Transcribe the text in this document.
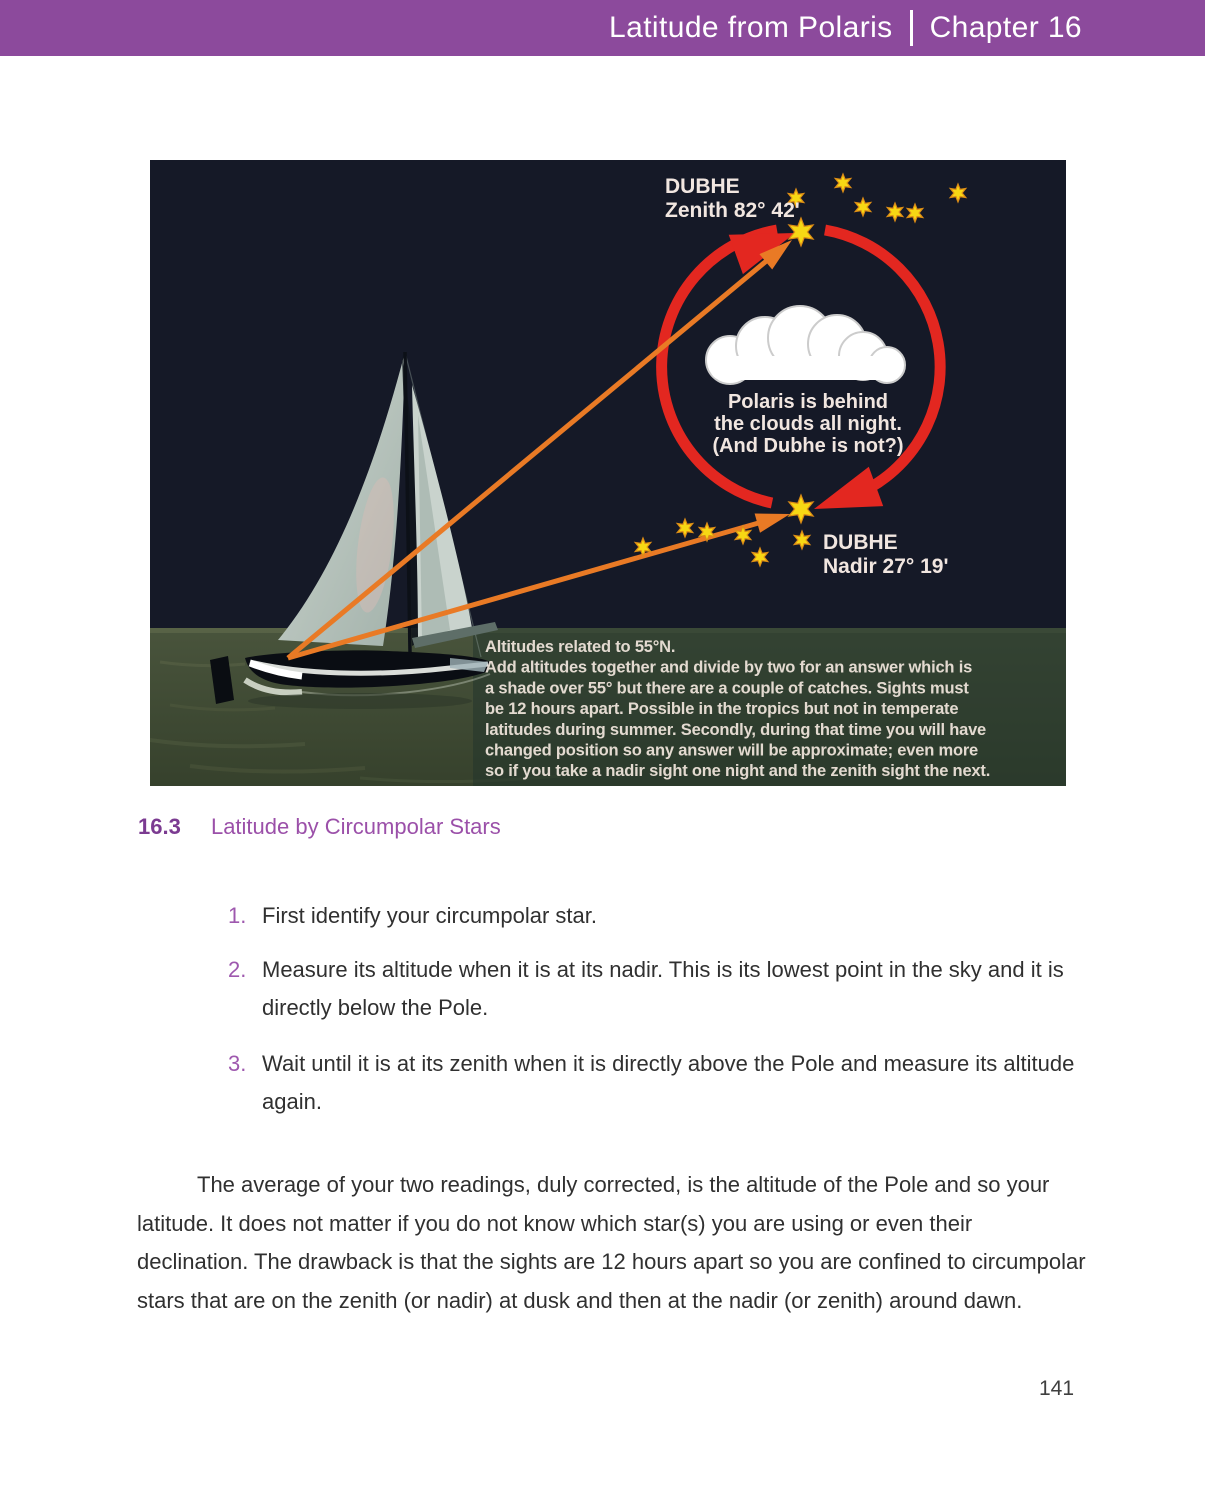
Latitude from Polaris Chapter 16
DUBHE
Zenith 82° 42'
DUBHE
Nadir 27° 19'
Polaris is behind
the clouds all night.
(And Dubhe is not?)
Altitudes related to 55°N.
Add altitudes together and divide by two for an answer which is
a shade over 55° but there are a couple of catches. Sights must
be 12 hours apart. Possible in the tropics but not in temperate
latitudes during summer. Secondly, during that time you will have
changed position so any answer will be approximate; even more
so if you take a nadir sight one night and the zenith sight the next.
16.3 Latitude by Circumpolar Stars
1. First identify your circumpolar star.
2. Measure its altitude when it is at its nadir. This is its lowest point in the sky and it is directly below the Pole.
3. Wait until it is at its zenith when it is directly above the Pole and measure its altitude again.
The average of your two readings, duly corrected, is the altitude of the Pole and so your latitude. It does not matter if you do not know which star(s) you are using or even their declination. The drawback is that the sights are 12 hours apart so you are confined to circumpolar stars that are on the zenith (or nadir) at dusk and then at the nadir (or zenith) around dawn.
141
